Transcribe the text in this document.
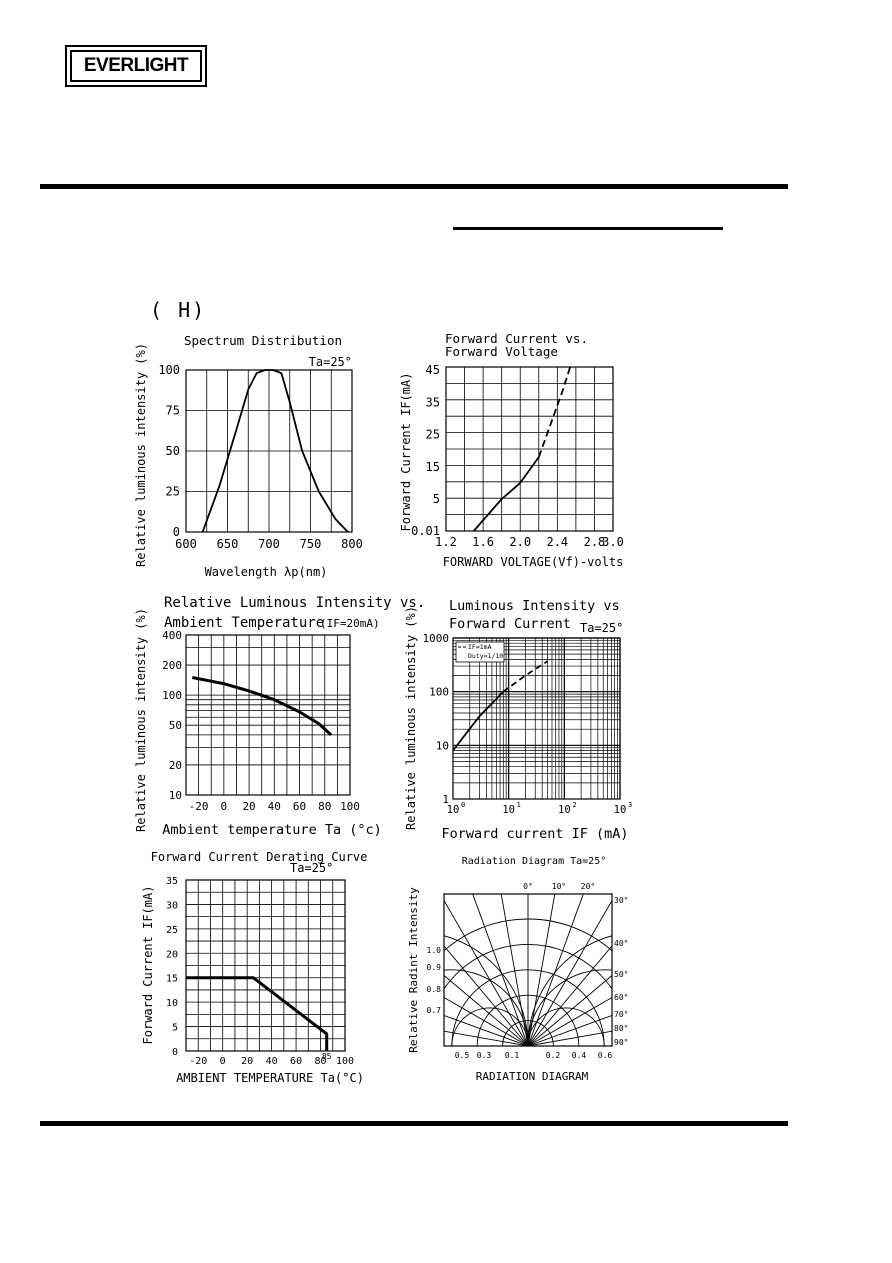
EVERLIGHT
( H)
600 650 700 750 800
0
25
50
75
100
Spectrum Distribution
Ta=25°
Relative luminous intensity (%)
Wavelength λp(nm)
1.2 1.6 2.0 2.4 2.8
3.0
0.01
5
15
25
35
45
Forward Current vs.
Forward Voltage
Forward Current IF(mA)
FORWARD VOLTAGE(Vf)-volts
-20 0 20 40 60 80 100
10
20
50
100
200
400
Relative Luminous Intensity vs.
Ambient Temperature
(IF=20mA)
Relative luminous intensity (%) Ambient temperature Ta (°c)
10 0	10 1	10 2	10 3
1
10
100
1000
Luminous Intensity vs
Forward Current Ta=25°
Relative luminous intensity (%)
Forward current IF (mA)
IF=1mA
Duty=1/10
-20 0 20 40 60 80 100
0
5
10
15
20
25
30
35
Forward Current Derating Curve
Ta=25°
Forward Current IF(mA)
AMBIENT TEMPERATURE Ta(°C)
85
Radiation Diagram Ta=25°
0° 10° 20°
30°
40°
50°
60°
70°
80°
90°
1.0
0.9
0.8
0.7
0.5 0.3 0.1	0.2 0.4 0.6
Relative Radint Intensity
RADIATION DIAGRAM
